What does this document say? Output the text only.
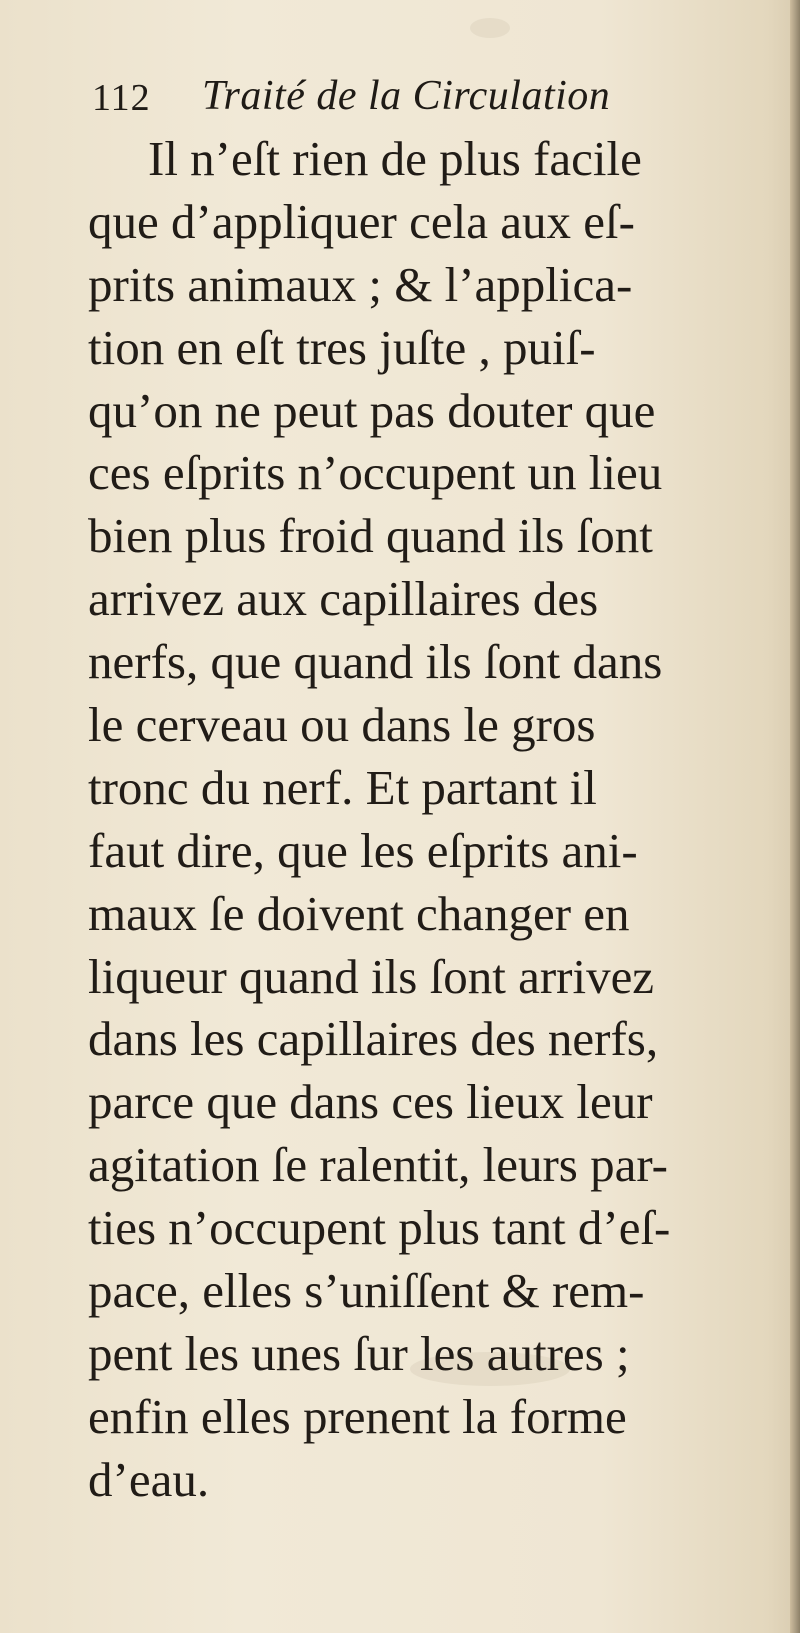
112 Traité de la Circulation
Il n’eſt rien de plus facile
que d’appliquer cela aux eſ-
prits animaux ; & l’applica-
tion en eſt tres juſte , puiſ-
qu’on ne peut pas douter que
ces eſprits n’occupent un lieu
bien plus froid quand ils ſont
arrivez aux capillaires des
nerfs, que quand ils ſont dans
le cerveau ou dans le gros
tronc du nerf. Et partant il
faut dire, que les eſprits ani-
maux ſe doivent changer en
liqueur quand ils ſont arrivez
dans les capillaires des nerfs,
parce que dans ces lieux leur
agitation ſe ralentit, leurs par-
ties n’occupent plus tant d’eſ-
pace, elles s’uniſſent & rem-
pent les unes ſur les autres ;
enfin elles prenent la forme
d’eau.
